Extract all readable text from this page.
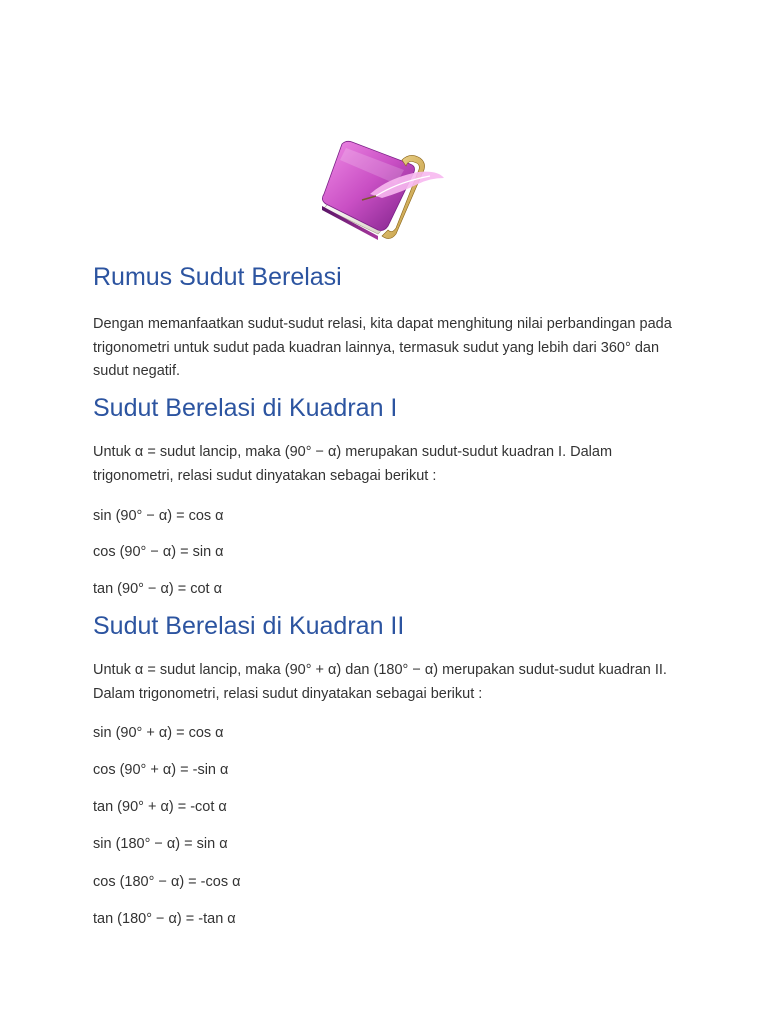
Rumus Sudut Berelasi

Dengan memanfaatkan sudut-sudut relasi, kita dapat menghitung nilai perbandingan pada trigonometri untuk sudut pada kuadran lainnya, termasuk sudut yang lebih dari 360° dan sudut negatif.

Sudut Berelasi di Kuadran I

Untuk α = sudut lancip, maka (90° − α) merupakan sudut-sudut kuadran I. Dalam trigonometri, relasi sudut dinyatakan sebagai berikut :

sin (90° − α) = cos α
cos (90° − α) = sin α
tan (90° − α) = cot α
Sudut Berelasi di Kuadran II

Untuk α = sudut lancip, maka (90° + α) dan (180° − α) merupakan sudut-sudut kuadran II. Dalam trigonometri, relasi sudut dinyatakan sebagai berikut :

sin (90° + α) = cos α
cos (90° + α) = -sin α
tan (90° + α) = -cot α
sin (180° − α) = sin α
cos (180° − α) = -cos α
tan (180° − α) = -tan α
